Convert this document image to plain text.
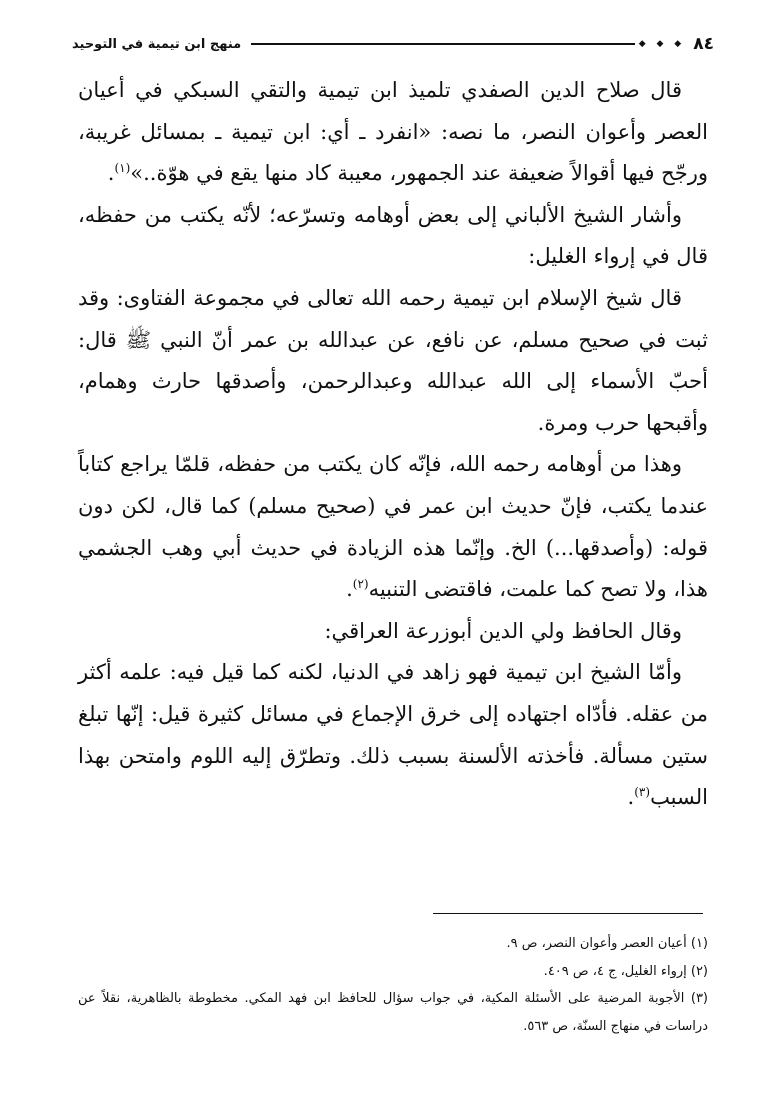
٨٤
◆ ◆ ◆
منهج ابن تيمية في التوحيد

قال صلاح الدين الصفدي تلميذ ابن تيمية والتقي السبكي في أعيان العصر وأعوان النصر، ما نصه: «انفرد ـ أي: ابن تيمية ـ بمسائل غريبة، ورجّح فيها أقوالاً ضعيفة عند الجمهور، معيبة كاد منها يقع في هوّة..»$^{(١)}$.

وأشار الشيخ الألباني إلى بعض أوهامه وتسرّعه؛ لأنّه يكتب من حفظه، قال في إرواء الغليل:

قال شيخ الإسلام ابن تيمية رحمه الله تعالى في مجموعة الفتاوى: وقد ثبت في صحيح مسلم، عن نافع، عن عبدالله بن عمر أنّ النبي ﷺ قال: أحبّ الأسماء إلى الله عبدالله وعبدالرحمن، وأصدقها حارث وهمام، وأقبحها حرب ومرة.

وهذا من أوهامه رحمه الله، فإنّه كان يكتب من حفظه، قلمّا يراجع كتاباً عندما يكتب، فإنّ حديث ابن عمر في (صحيح مسلم) كما قال، لكن دون قوله: (وأصدقها...) الخ. وإنّما هذه الزيادة في حديث أبي وهب الجشمي هذا، ولا تصح كما علمت، فاقتضى التنبيه$^{(٢)}$.

وقال الحافظ ولي الدين أبوزرعة العراقي:

وأمّا الشيخ ابن تيمية فهو زاهد في الدنيا، لكنه كما قيل فيه: علمه أكثر من عقله. فأدّاه اجتهاده إلى خرق الإجماع في مسائل كثيرة قيل: إنّها تبلغ ستين مسألة. فأخذته الألسنة بسبب ذلك. وتطرّق إليه اللوم وامتحن بهذا السبب$^{(٣)}$.

(١) أعيان العصر وأعوان النصر، ص ٩.

(٢) إرواء الغليل، ج ٤، ص ٤٠٩.

(٣) الأجوبة المرضية على الأسئلة المكية، في جواب سؤال للحافظ ابن فهد المكي. مخطوطة بالظاهرية، نقلاً عن دراسات في منهاج السنّة، ص ٥٦٣.
